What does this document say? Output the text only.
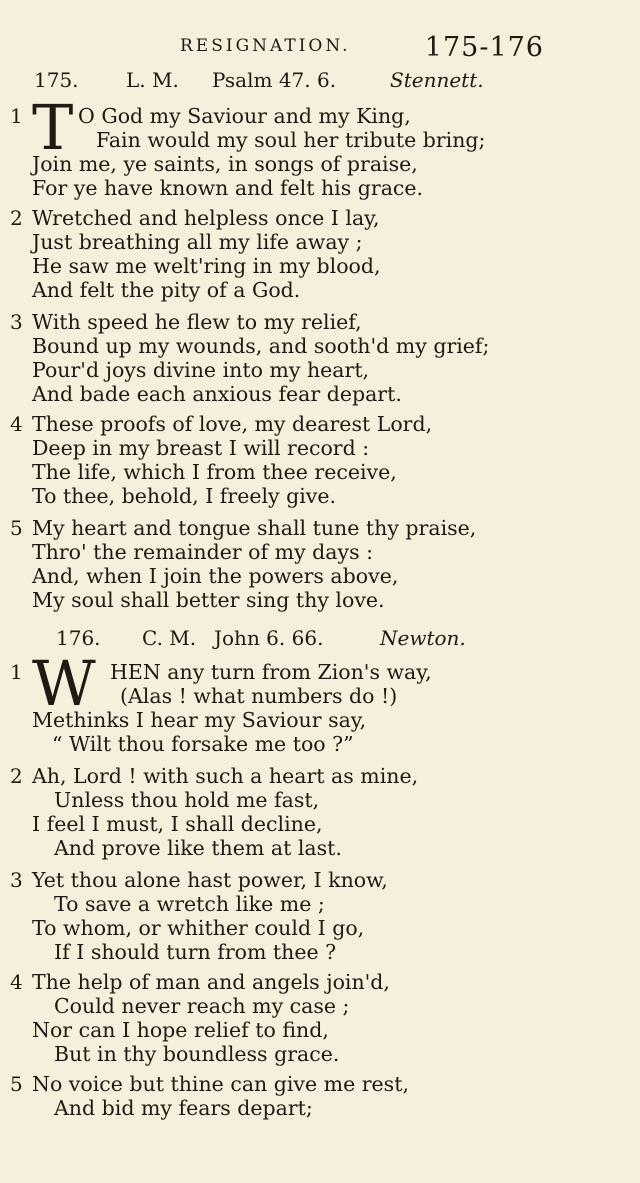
RESIGNATION.	175-176
175. L. M. Psalm 47. 6.	Stennett.
T
1	O God my Saviour and my King,
Fain would my soul her tribute bring;
Join me, ye saints, in songs of praise,
For ye have known and felt his grace.
2 Wretched and helpless once I lay,
Just breathing all my life away ;
He saw me welt'ring in my blood,
And felt the pity of a God.
3 With speed he flew to my relief,
Bound up my wounds, and sooth'd my grief;
Pour'd joys divine into my heart,
And bade each anxious fear depart.
4 These proofs of love, my dearest Lord,
Deep in my breast I will record :
The life, which I from thee receive,
To thee, behold, I freely give.
5 My heart and tongue shall tune thy praise,
Thro' the remainder of my days :
And, when I join the powers above,
My soul shall better sing thy love.
176. C. M. John 6. 66.	Newton.
W
1	HEN any turn from Zion's way,
(Alas ! what numbers do !)
Methinks I hear my Saviour say,
“ Wilt thou forsake me too ?”
2 Ah, Lord ! with such a heart as mine,
Unless thou hold me fast,
I feel I must, I shall decline,
And prove like them at last.
3 Yet thou alone hast power, I know,
To save a wretch like me ;
To whom, or whither could I go,
If I should turn from thee ?
4 The help of man and angels join'd,
Could never reach my case ;
Nor can I hope relief to find,
But in thy boundless grace.
5 No voice but thine can give me rest,
And bid my fears depart;
